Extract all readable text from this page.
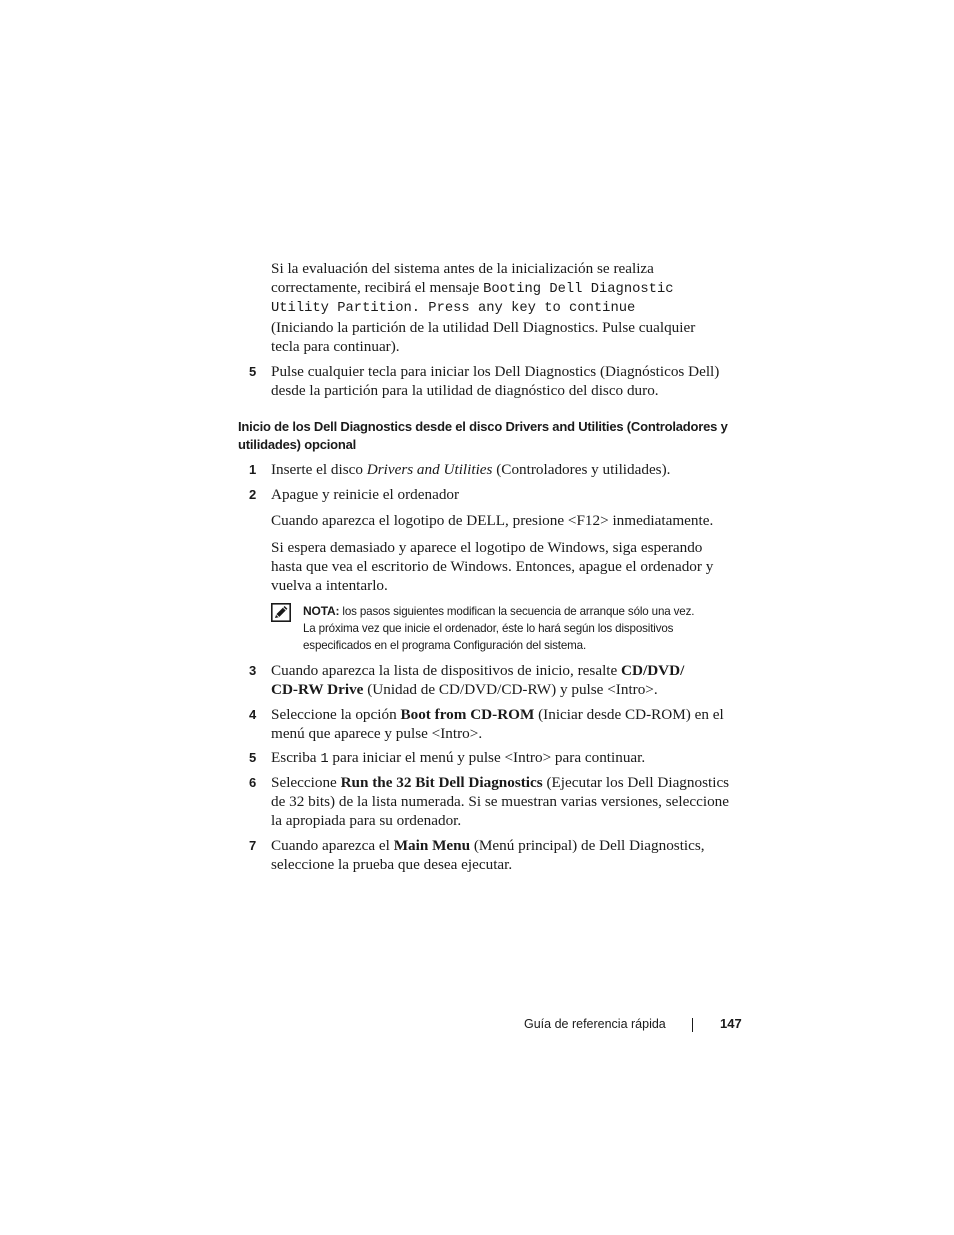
Si la evaluación del sistema antes de la inicialización se realiza
correctamente, recibirá el mensaje Booting Dell Diagnostic
Utility Partition. Press any key to continue
(Iniciando la partición de la utilidad Dell Diagnostics. Pulse cualquier
tecla para continuar).
5 Pulse cualquier tecla para iniciar los Dell Diagnostics (Diagnósticos Dell)
desde la partición para la utilidad de diagnóstico del disco duro.
Inicio de los Dell Diagnostics desde el disco Drivers and Utilities (Controladores y
utilidades) opcional
1 Inserte el disco Drivers and Utilities (Controladores y utilidades).
2 Apague y reinicie el ordenador
Cuando aparezca el logotipo de DELL, presione <F12> inmediatamente.
Si espera demasiado y aparece el logotipo de Windows, siga esperando
hasta que vea el escritorio de Windows. Entonces, apague el ordenador y
vuelva a intentarlo.
NOTA: los pasos siguientes modifican la secuencia de arranque sólo una vez.
La próxima vez que inicie el ordenador, éste lo hará según los dispositivos
especificados en el programa Configuración del sistema.
3 Cuando aparezca la lista de dispositivos de inicio, resalte CD/DVD/
CD-RW Drive (Unidad de CD/DVD/CD-RW) y pulse <Intro>.
4 Seleccione la opción Boot from CD-ROM (Iniciar desde CD-ROM) en el
menú que aparece y pulse <Intro>.
5 Escriba 1 para iniciar el menú y pulse <Intro> para continuar.
6 Seleccione Run the 32 Bit Dell Diagnostics (Ejecutar los Dell Diagnostics
de 32 bits) de la lista numerada. Si se muestran varias versiones, seleccione
la apropiada para su ordenador.
7 Cuando aparezca el Main Menu (Menú principal) de Dell Diagnostics,
seleccione la prueba que desea ejecutar.
Guía de referencia rápida	147
